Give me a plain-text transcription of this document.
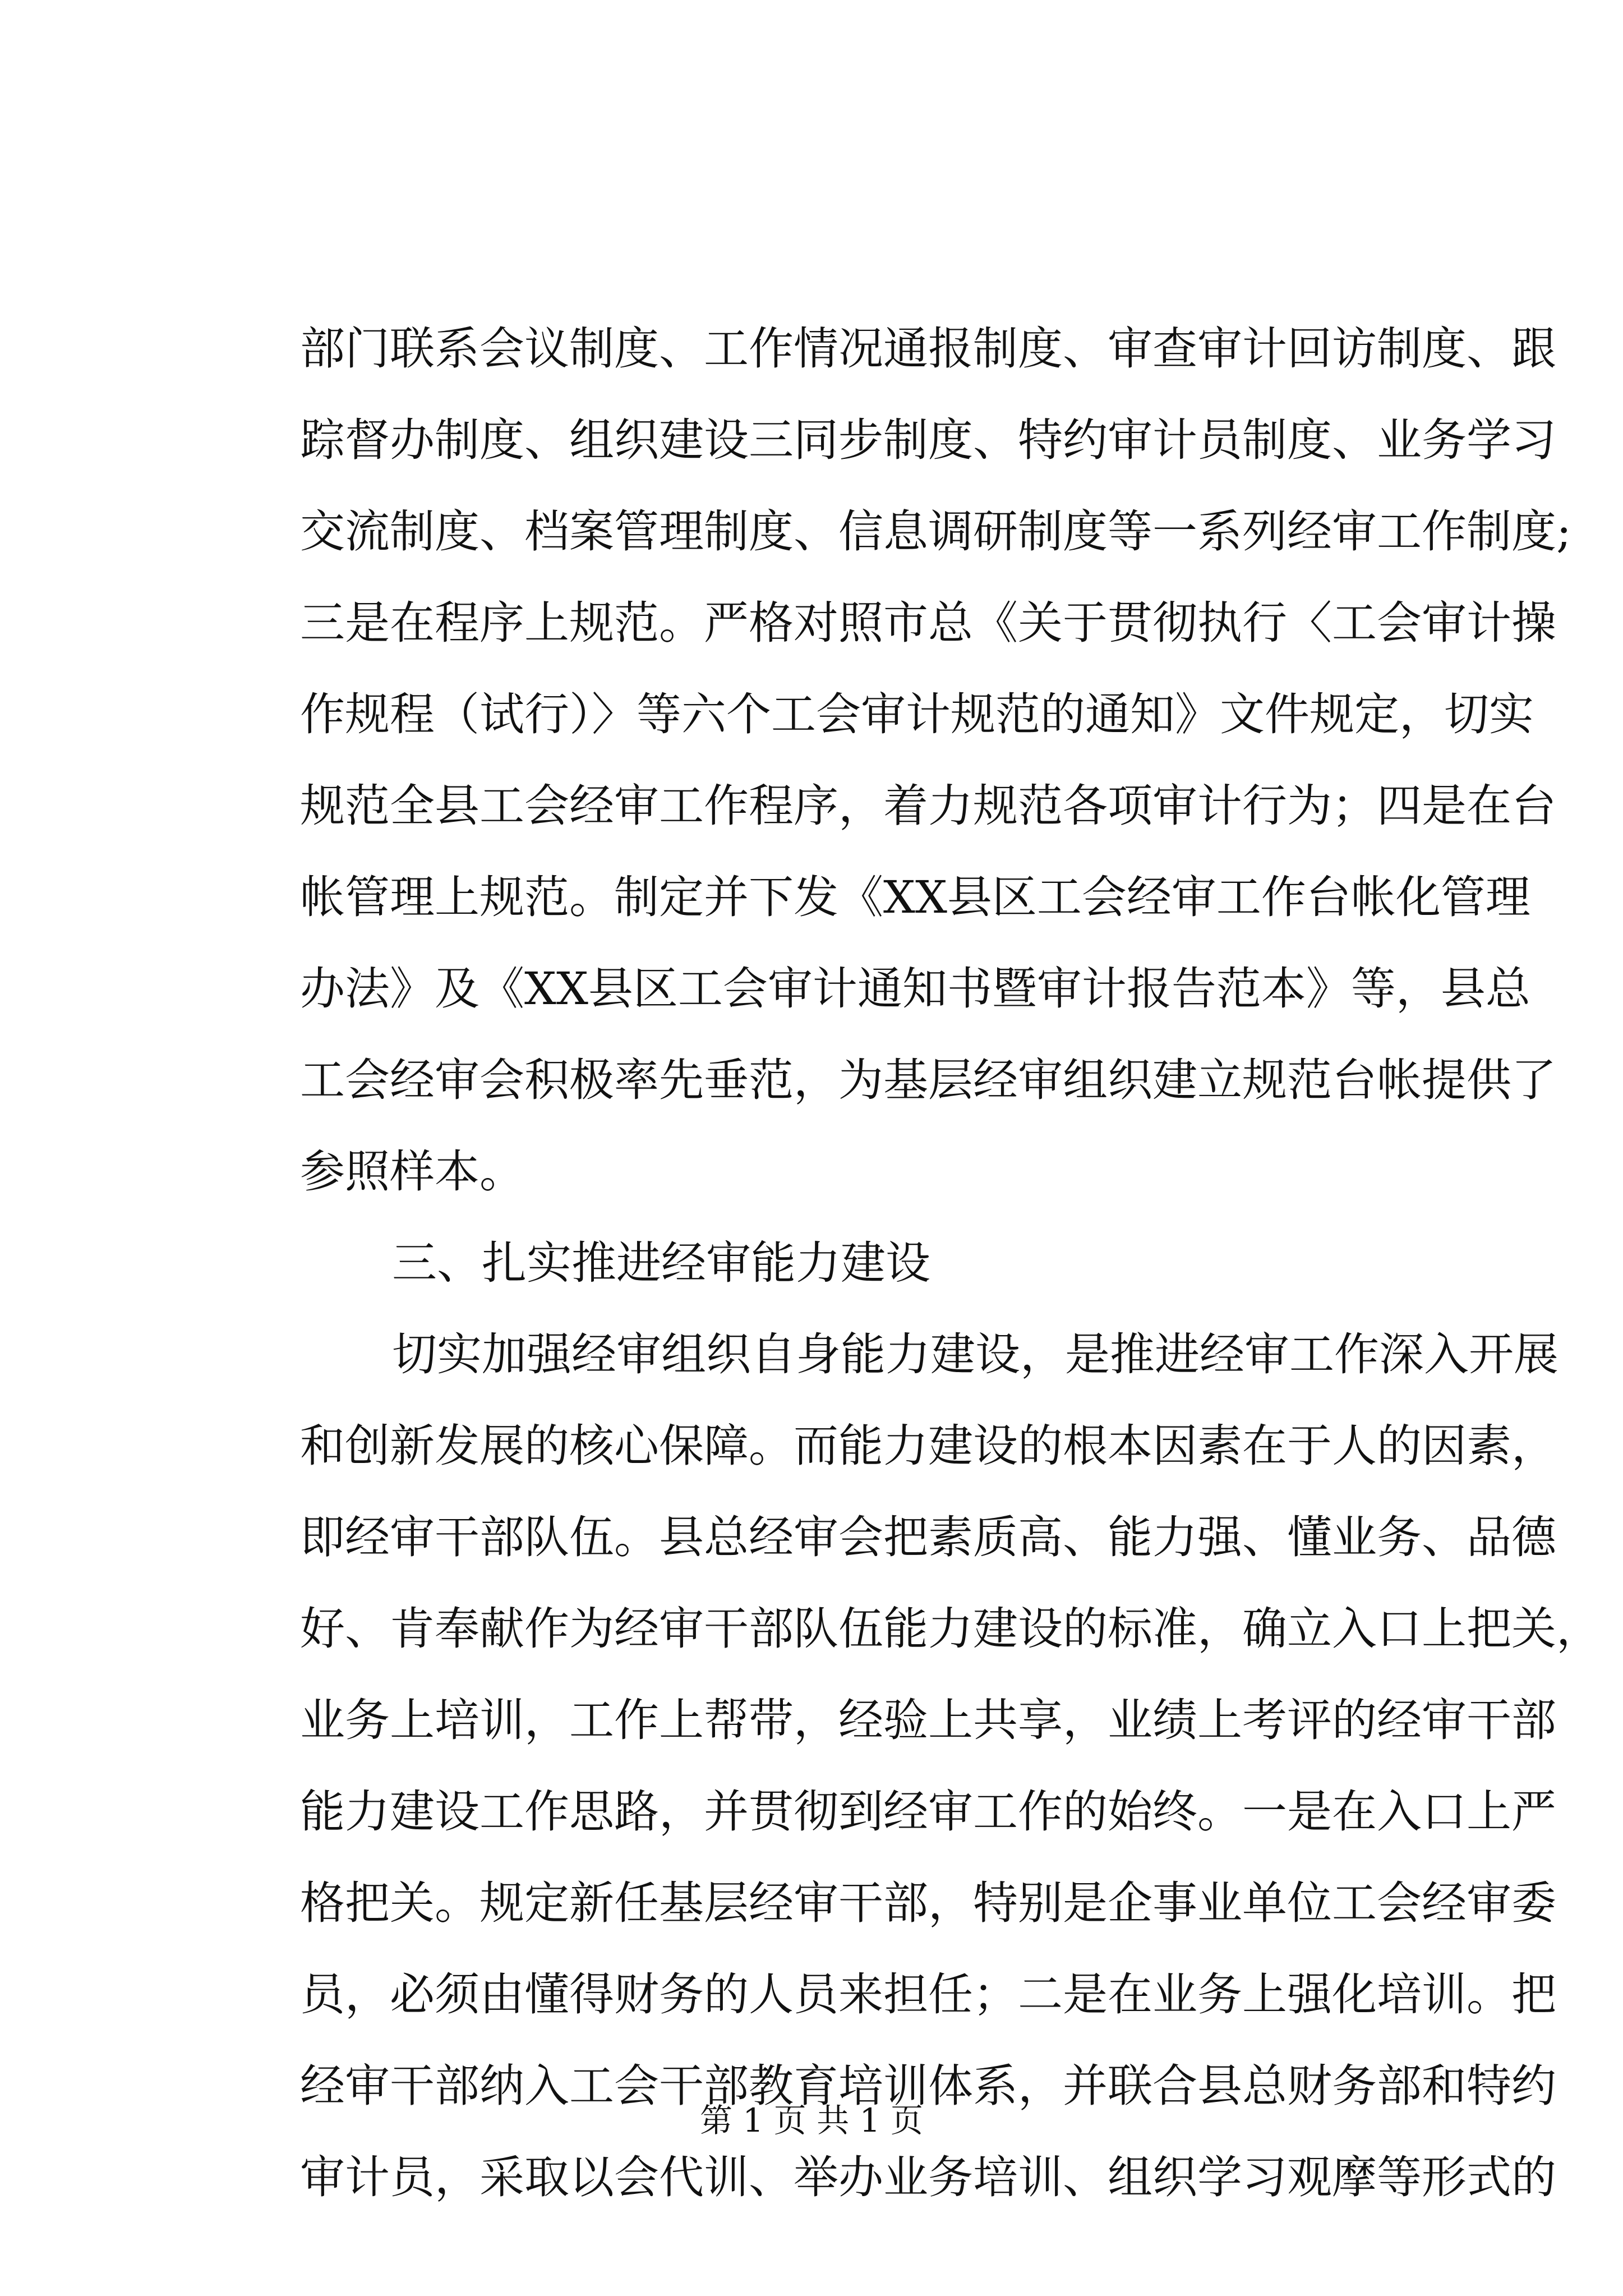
部门联系会议制度、工作情况通报制度、审查审计回访制度、跟
踪督办制度、组织建设三同步制度、特约审计员制度、业务学习
交流制度、档案管理制度、信息调研制度等一系列经审工作制度;
三是在程序上规范。严格对照市总《关于贯彻执行〈工会审计操
作规程（试行）〉等六个工会审计规范的通知》文件规定，切实
规范全县工会经审工作程序，着力规范各项审计行为；四是在台
帐管理上规范。制定并下发《XX县区工会经审工作台帐化管理
办法》及《XX县区工会审计通知书暨审计报告范本》等，县总
工会经审会积极率先垂范，为基层经审组织建立规范台帐提供了
参照样本。
三、扎实推进经审能力建设
切实加强经审组织自身能力建设，是推进经审工作深入开展
和创新发展的核心保障。而能力建设的根本因素在于人的因素，
即经审干部队伍。县总经审会把素质高、能力强、懂业务、品德
好、肯奉献作为经审干部队伍能力建设的标准，确立入口上把关，
业务上培训，工作上帮带，经验上共享，业绩上考评的经审干部
能力建设工作思路，并贯彻到经审工作的始终。一是在入口上严
格把关。规定新任基层经审干部，特别是企事业单位工会经审委
员，必须由懂得财务的人员来担任；二是在业务上强化培训。把
经审干部纳入工会干部教育培训体系，并联合县总财务部和特约
审计员，采取以会代训、举办业务培训、组织学习观摩等形式的
第 1 页 共 1 页
